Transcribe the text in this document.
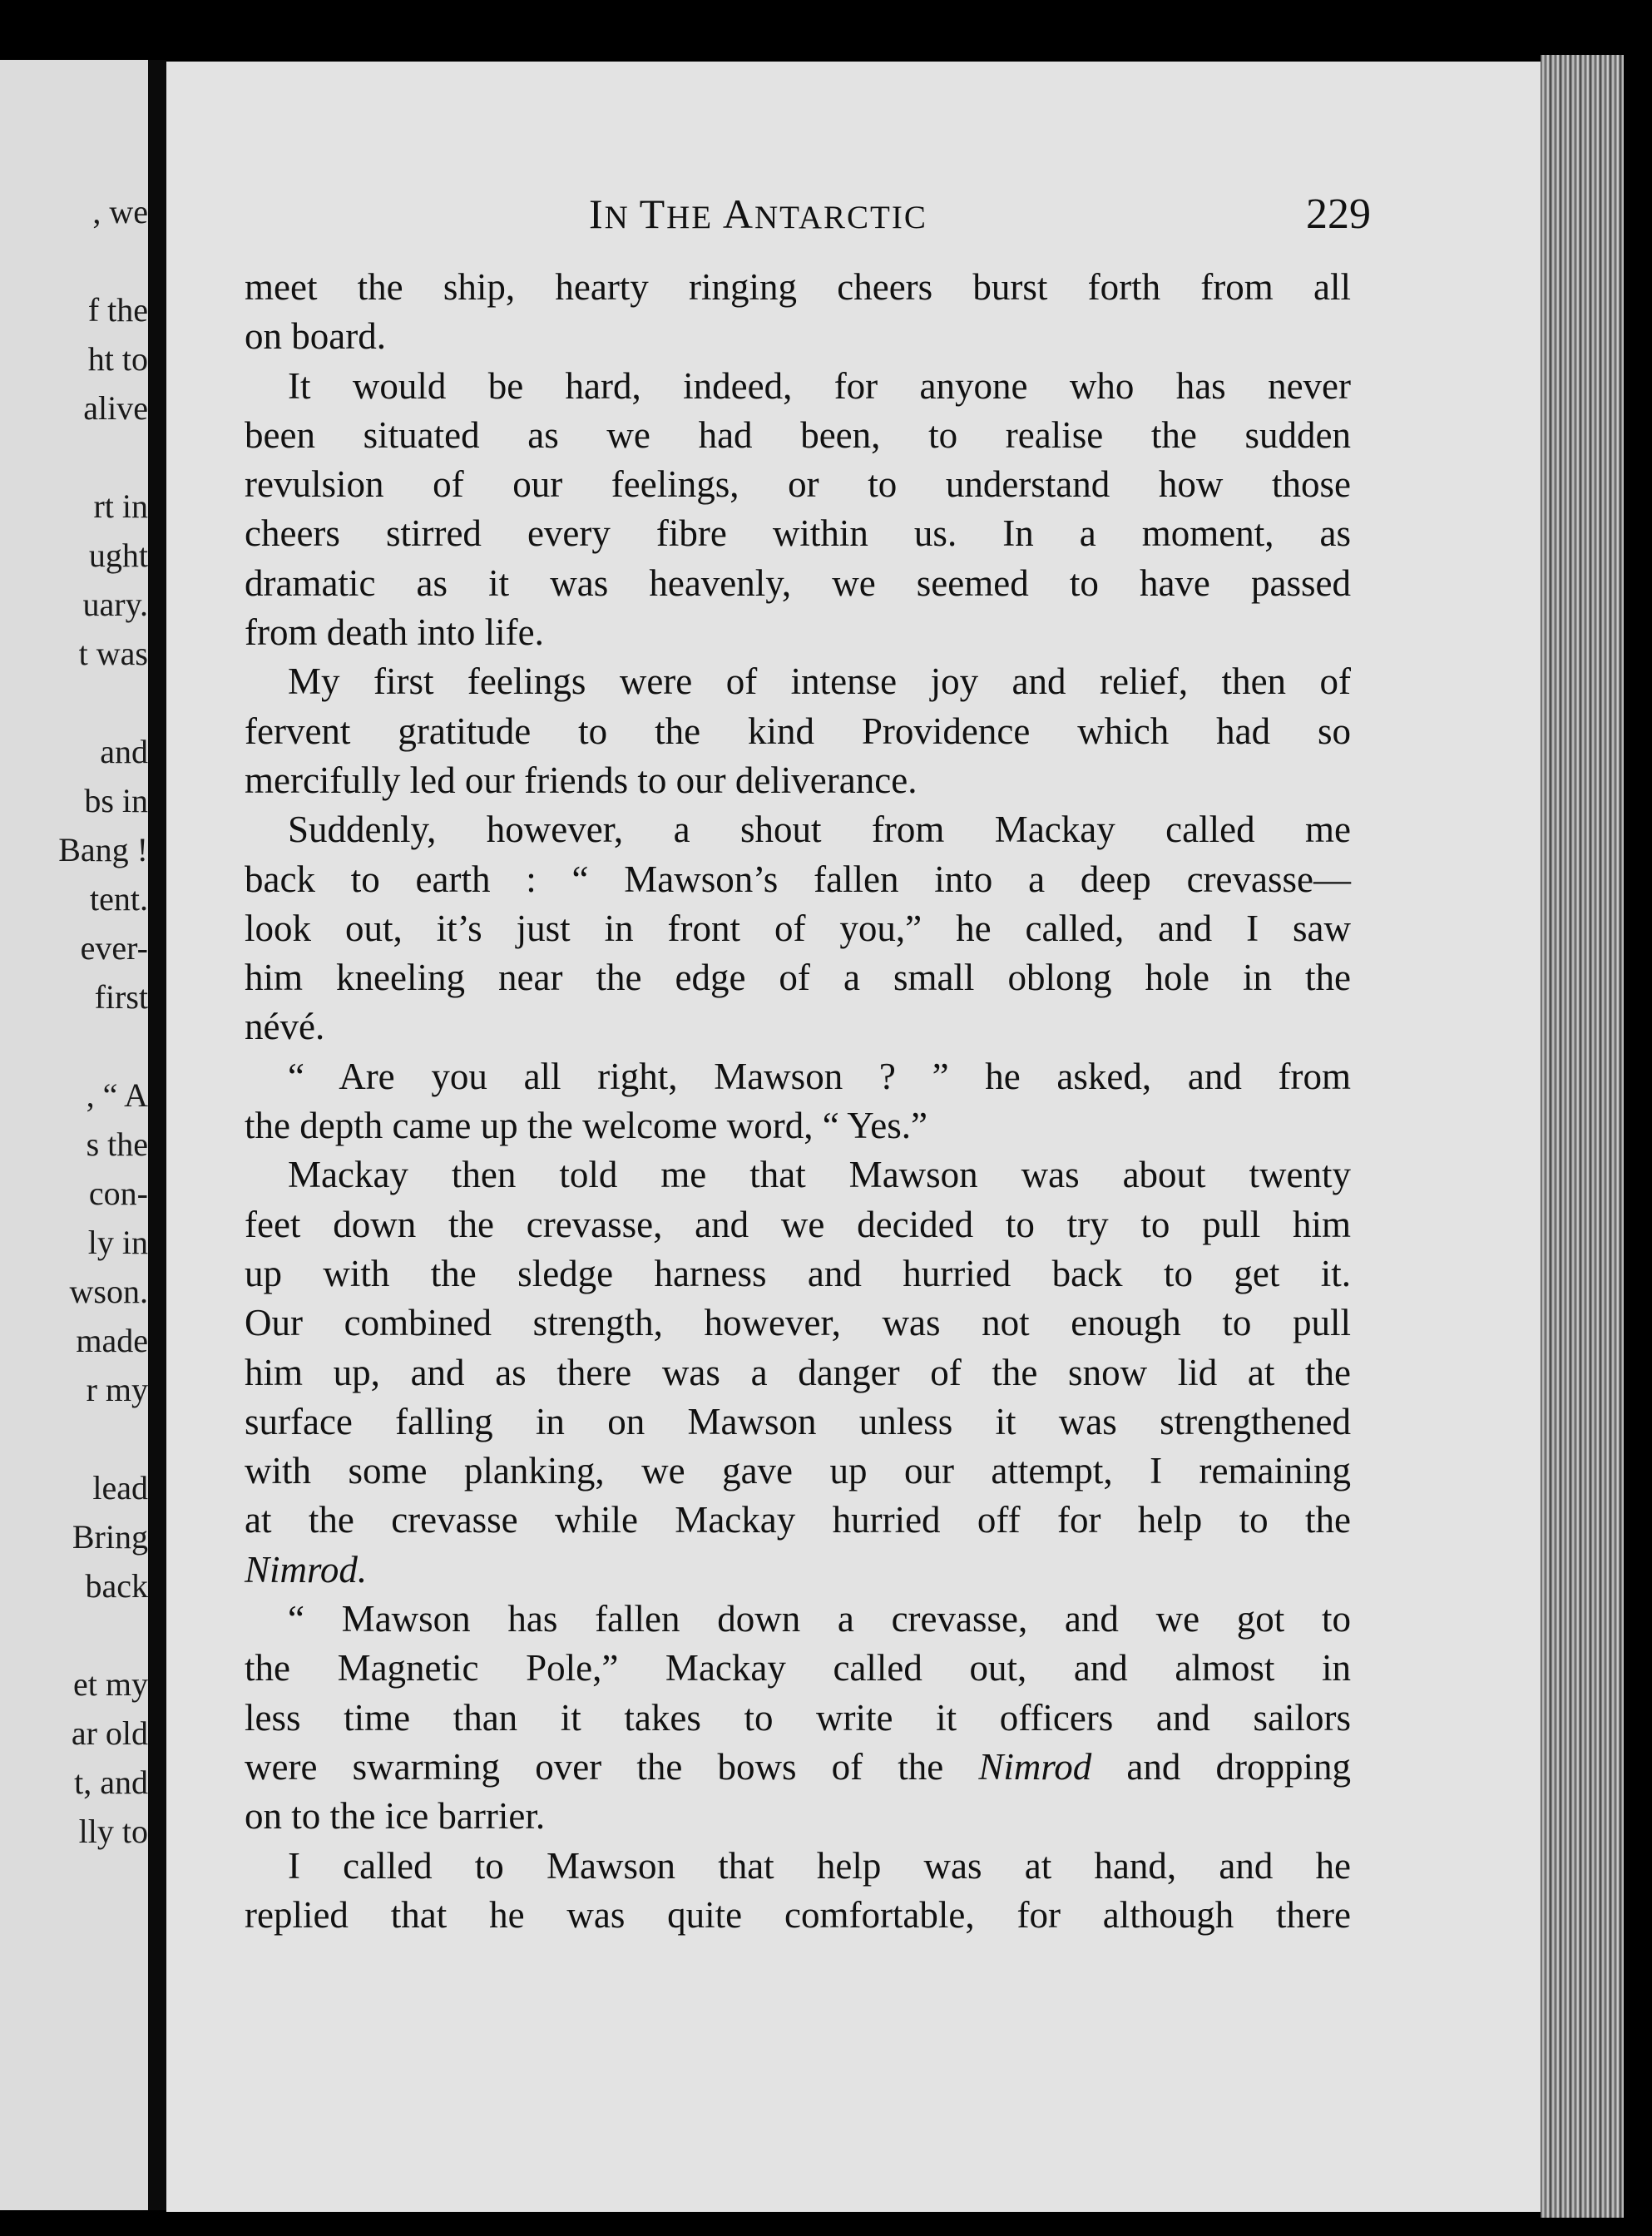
, we
f the
ht to
alive
rt in
ught
uary.
t was
and
bs in
Bang !
tent.
ever-
first
, “ A
s the
con-
ly in
wson.
made
r my
lead
Bring
back
et my
ar old
t, and
lly to
IN THE ANTARCTIC	229
meet the ship, hearty ringing cheers burst forth from all
on board.
It would be hard, indeed, for anyone who has never
been situated as we had been, to realise the sudden
revulsion of our feelings, or to understand how those
cheers stirred every fibre within us. In a moment, as
dramatic as it was heavenly, we seemed to have passed
from death into life.
My first feelings were of intense joy and relief, then of
fervent gratitude to the kind Providence which had so
mercifully led our friends to our deliverance.
Suddenly, however, a shout from Mackay called me
back to earth : “ Mawson’s fallen into a deep crevasse—
look out, it’s just in front of you,” he called, and I saw
him kneeling near the edge of a small oblong hole in the
névé.
“ Are you all right, Mawson ? ” he asked, and from
the depth came up the welcome word, “ Yes.”
Mackay then told me that Mawson was about twenty
feet down the crevasse, and we decided to try to pull him
up with the sledge harness and hurried back to get it.
Our combined strength, however, was not enough to pull
him up, and as there was a danger of the snow lid at the
surface falling in on Mawson unless it was strengthened
with some planking, we gave up our attempt, I remaining
at the crevasse while Mackay hurried off for help to the
Nimrod.
“ Mawson has fallen down a crevasse, and we got to
the Magnetic Pole,” Mackay called out, and almost in
less time than it takes to write it officers and sailors
were swarming over the bows of the Nimrod and dropping
on to the ice barrier.
I called to Mawson that help was at hand, and he
replied that he was quite comfortable, for although there
